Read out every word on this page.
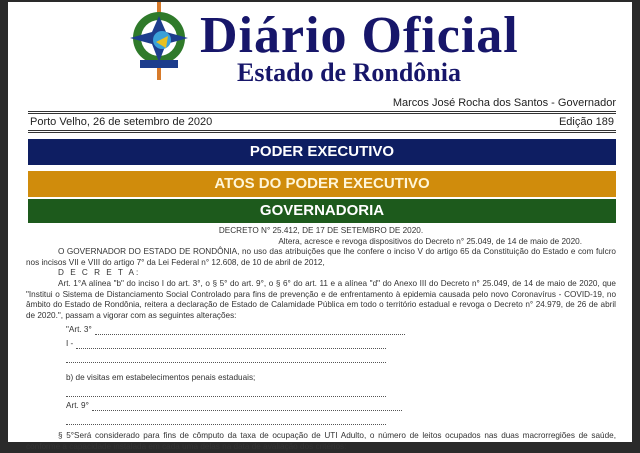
Diário Oficial
Estado de Rondônia
Marcos José Rocha dos Santos - Governador
Porto Velho, 26 de setembro de 2020	Edição 189
PODER EXECUTIVO
ATOS DO PODER EXECUTIVO
GOVERNADORIA
DECRETO N° 25.412, DE 17 DE SETEMBRO DE 2020.
Altera, acresce e revoga dispositivos do Decreto n° 25.049, de 14 de maio de 2020.
O GOVERNADOR DO ESTADO DE RONDÔNIA, no uso das atribuições que lhe confere o inciso V do artigo 65 da Constituição do Estado e com fulcro nos incisos VII e VIII do artigo 7° da Lei Federal n° 12.608, de 10 de abril de 2012,
D E C R E T A:
Art. 1°A alínea "b" do inciso I do art. 3°, o § 5° do art. 9°, o § 6° do art. 11 e a alínea "d" do Anexo III do Decreto n° 25.049, de 14 de maio de 2020, que "Institui o Sistema de Distanciamento Social Controlado para fins de prevenção e de enfrentamento à epidemia causada pelo novo Coronavírus - COVID-19, no âmbito do Estado de Rondônia, reitera a declaração de Estado de Calamidade Pública em todo o território estadual e revoga o Decreto n° 24.979, de 26 de abril de 2020.", passam a vigorar com as seguintes alterações:
"Art. 3°
I -
b) de visitas em estabelecimentos penais estaduais;
Art. 9°
§ 5°Será considerado para fins de cômputo da taxa de ocupação de UTI Adulto, o número de leitos ocupados nas duas macrorregiões de saúde, conforme a capacidade instalada em cada uma delas na data de avaliação dos critérios:
